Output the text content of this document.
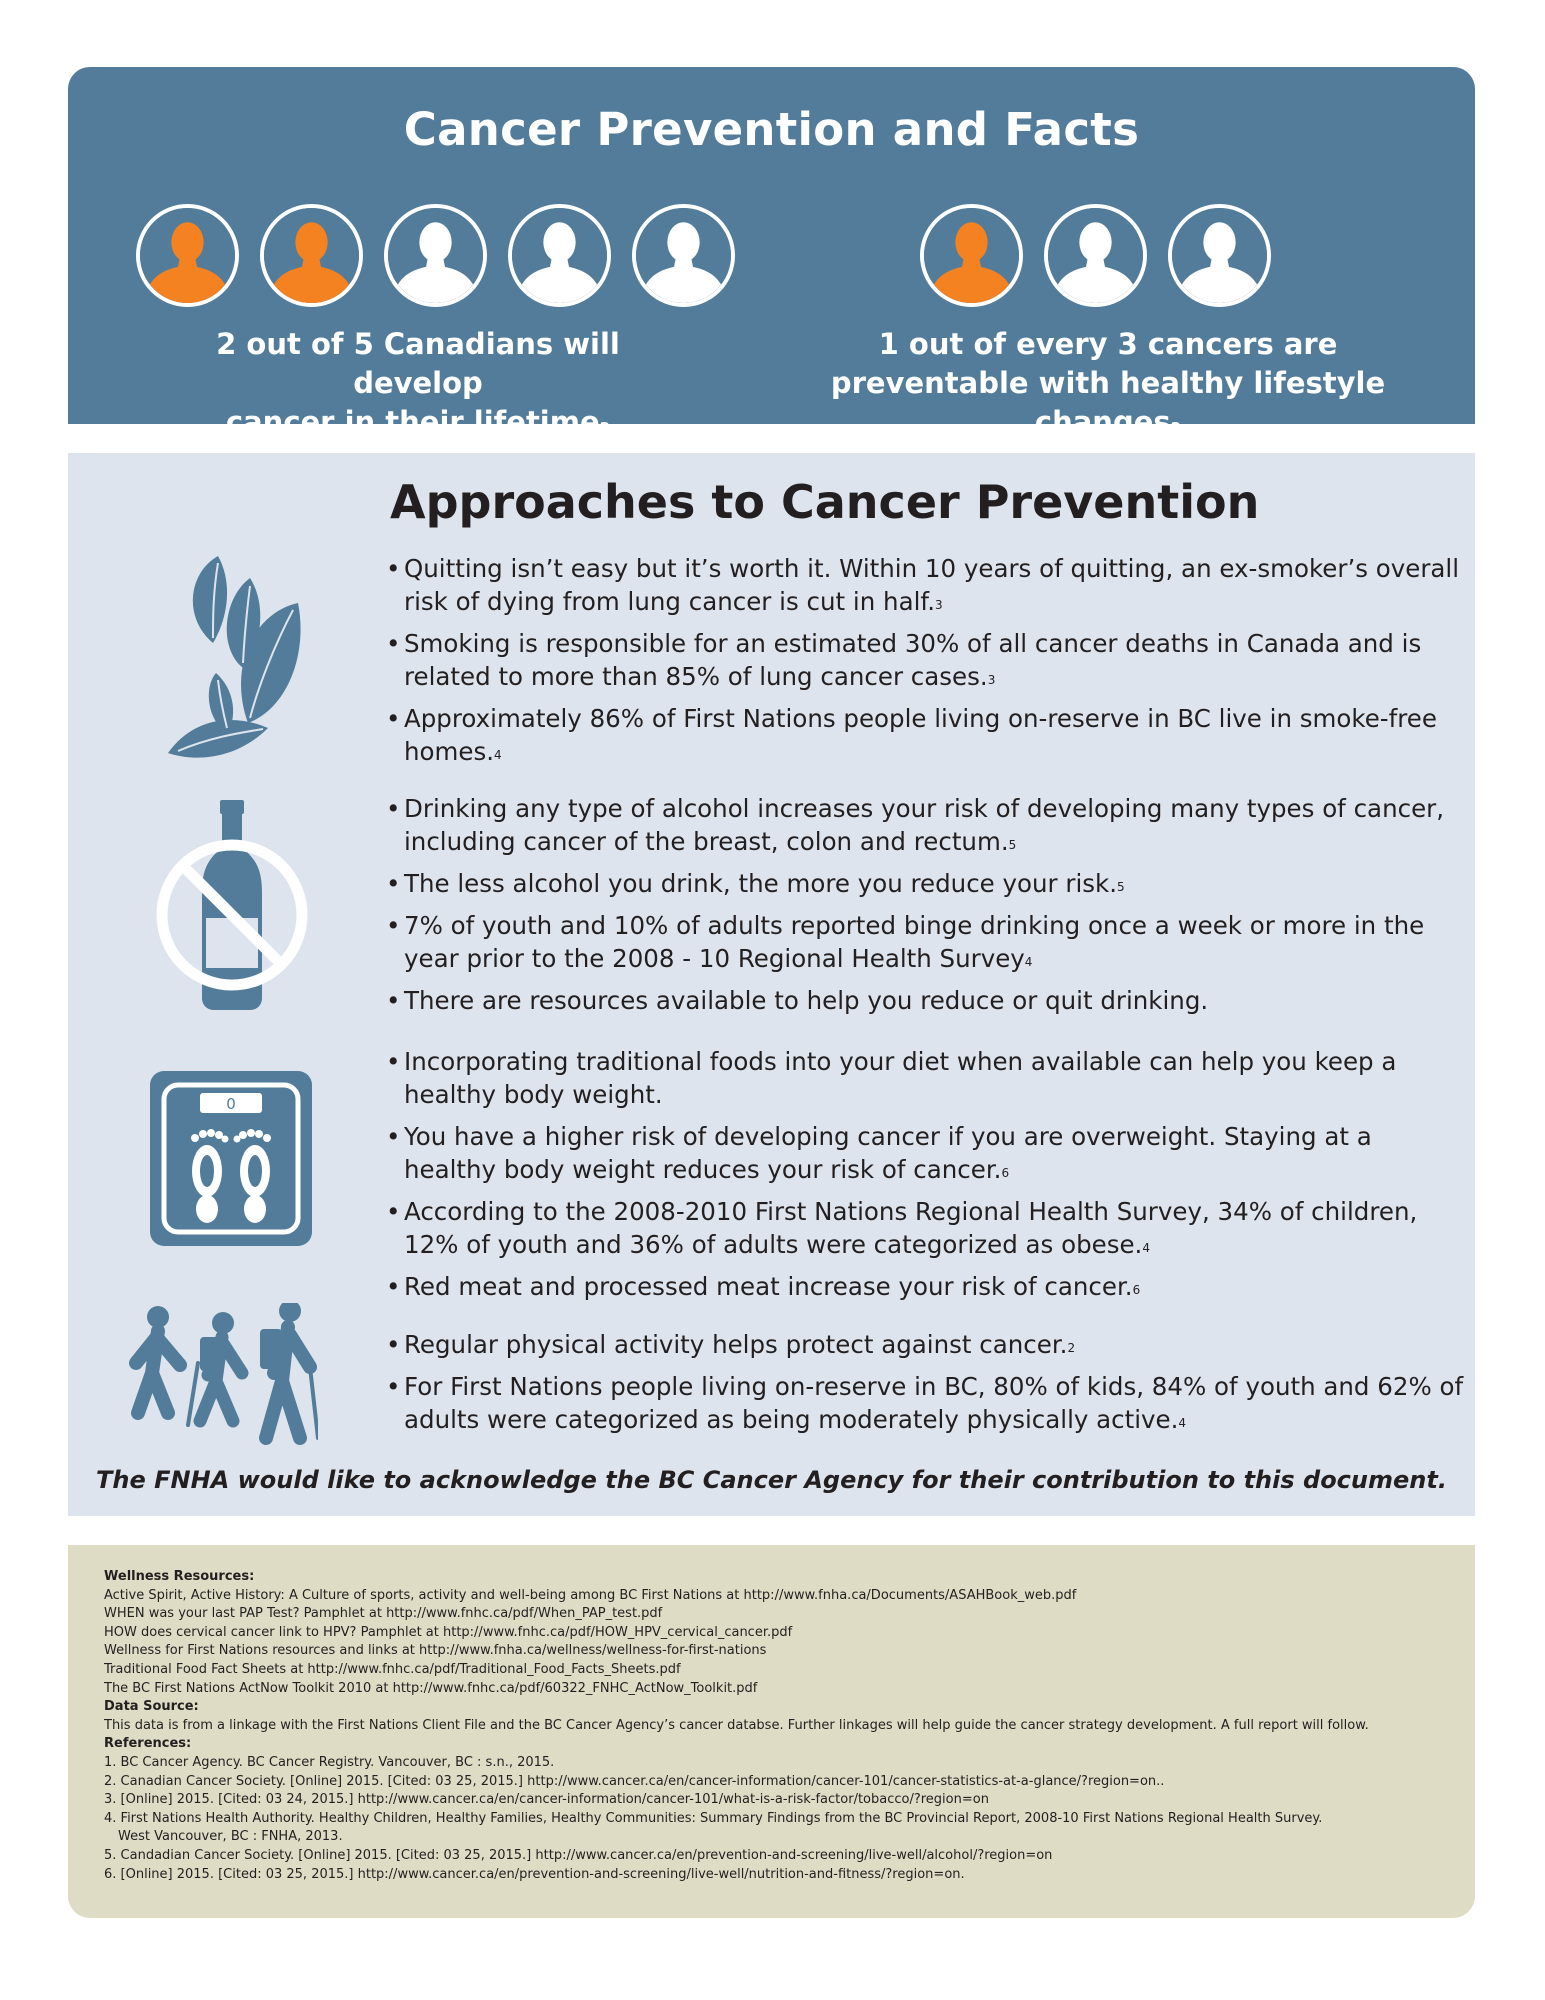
Cancer Prevention and Facts
2 out of 5 Canadians will develop
cancer in their lifetime$^2$
1 out of every 3 cancers are
preventable with healthy lifestyle changes$^2$
Approaches to Cancer Prevention
0
• Quitting isn’t easy but it’s worth it. Within 10 years of quitting, an ex-smoker’s overall risk of dying from lung cancer is cut in half.$^3$
• Smoking is responsible for an estimated 30% of all cancer deaths in Canada and is related to more than 85% of lung cancer cases.$^3$
• Approximately 86% of First Nations people living on-reserve in BC live in smoke-free homes.$^4$
• Drinking any type of alcohol increases your risk of developing many types of cancer, including cancer of the breast, colon and rectum.$^5$
• The less alcohol you drink, the more you reduce your risk.$^5$
• 7% of youth and 10% of adults reported binge drinking once a week or more in the year prior to the 2008 - 10 Regional Health Survey$^4$
• There are resources available to help you reduce or quit drinking.
• Incorporating traditional foods into your diet when available can help you keep a healthy body weight.
• You have a higher risk of developing cancer if you are overweight. Staying at a healthy body weight reduces your risk of cancer.$^6$
• According to the 2008-2010 First Nations Regional Health Survey, 34% of children, 12% of youth and 36% of adults were categorized as obese.$^4$
• Red meat and processed meat increase your risk of cancer.$^6$
• Regular physical activity helps protect against cancer.$^2$
• For First Nations people living on-reserve in BC, 80% of kids, 84% of youth and 62% of adults were categorized as being moderately physically active.$^4$
The FNHA would like to acknowledge the BC Cancer Agency for their contribution to this document.
Wellness Resources:
Active Spirit, Active History: A Culture of sports, activity and well-being among BC First Nations at http://www.fnha.ca/Documents/ASAHBook_web.pdf
WHEN was your last PAP Test? Pamphlet at http://www.fnhc.ca/pdf/When_PAP_test.pdf
HOW does cervical cancer link to HPV? Pamphlet at http://www.fnhc.ca/pdf/HOW_HPV_cervical_cancer.pdf
Wellness for First Nations resources and links at http://www.fnha.ca/wellness/wellness-for-first-nations
Traditional Food Fact Sheets at http://www.fnhc.ca/pdf/Traditional_Food_Facts_Sheets.pdf
The BC First Nations ActNow Toolkit 2010 at http://www.fnhc.ca/pdf/60322_FNHC_ActNow_Toolkit.pdf
Data Source:
This data is from a linkage with the First Nations Client File and the BC Cancer Agency’s cancer databse. Further linkages will help guide the cancer strategy development. A full report will follow.
References:
1. BC Cancer Agency. BC Cancer Registry. Vancouver, BC : s.n., 2015.
2. Canadian Cancer Society. [Online] 2015. [Cited: 03 25, 2015.] http://www.cancer.ca/en/cancer-information/cancer-101/cancer-statistics-at-a-glance/?region=on..
3. [Online] 2015. [Cited: 03 24, 2015.] http://www.cancer.ca/en/cancer-information/cancer-101/what-is-a-risk-factor/tobacco/?region=on
4. First Nations Health Authority. Healthy Children, Healthy Families, Healthy Communities: Summary Findings from the BC Provincial Report, 2008-10 First Nations Regional Health Survey.
West Vancouver, BC : FNHA, 2013.
5. Candadian Cancer Society. [Online] 2015. [Cited: 03 25, 2015.] http://www.cancer.ca/en/prevention-and-screening/live-well/alcohol/?region=on
6. [Online] 2015. [Cited: 03 25, 2015.] http://www.cancer.ca/en/prevention-and-screening/live-well/nutrition-and-fitness/?region=on.
